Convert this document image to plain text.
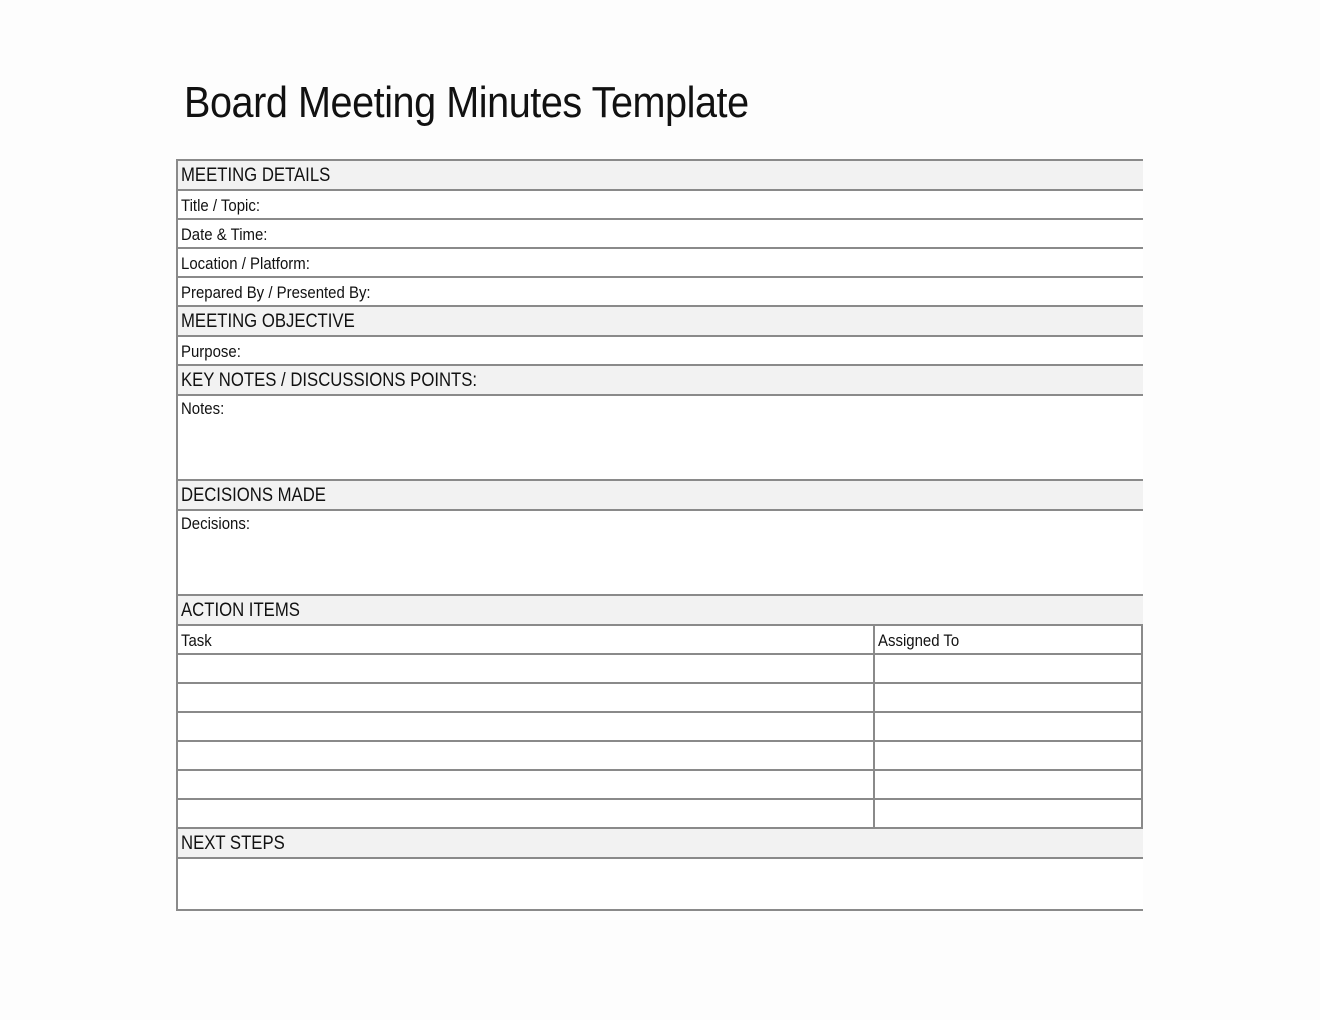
Board Meeting Minutes Template
MEETING DETAILS
Title / Topic:
Date & Time:
Location / Platform:
Prepared By / Presented By:
MEETING OBJECTIVE
Purpose:
KEY NOTES / DISCUSSIONS POINTS:
Notes:
DECISIONS MADE
Decisions:
ACTION ITEMS
Task	Assigned To
NEXT STEPS
